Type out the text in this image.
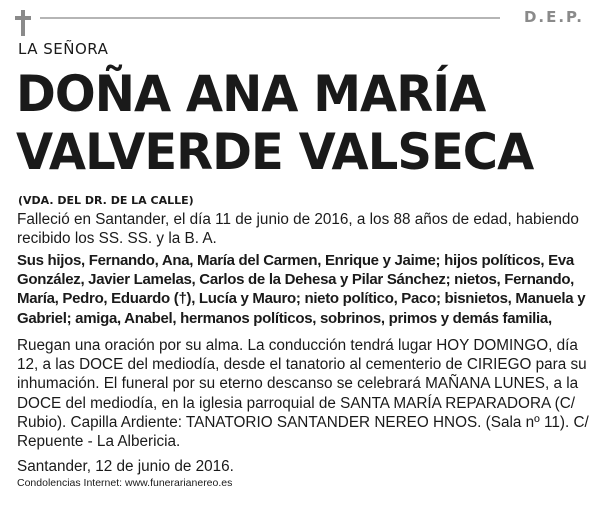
D.E.P.
LA SEÑORA
DOÑA ANA MARÍA
VALVERDE VALSECA
(VDA. DEL DR. DE LA CALLE)
Falleció en Santander, el día 11 de junio de 2016, a los 88 años de edad, habiendo recibido los SS. SS. y la B. A.
Sus hijos, Fernando, Ana, María del Carmen, Enrique y Jaime; hijos políticos, Eva González, Javier Lamelas, Carlos de la Dehesa y Pilar Sánchez; nietos, Fernando, María, Pedro, Eduardo (†), Lucía y Mauro; nieto político, Paco; bisnietos, Manuela y Gabriel; amiga, Anabel, hermanos políticos, sobrinos, primos y demás familia,
Ruegan una oración por su alma. La conducción tendrá lugar HOY DOMINGO, día 12, a las DOCE del mediodía, desde el tanatorio al cementerio de CIRIEGO para su inhumación. El funeral por su eterno descanso se celebrará MAÑANA LUNES, a la DOCE del mediodía, en la iglesia parroquial de SANTA MARÍA REPARADORA (C/ Rubio). Capilla Ardiente: TANATORIO SANTANDER NEREO HNOS. (Sala nº 11). C/ Repuente - La Albericia.
Santander, 12 de junio de 2016.
Condolencias Internet: www.funerarianereo.es
